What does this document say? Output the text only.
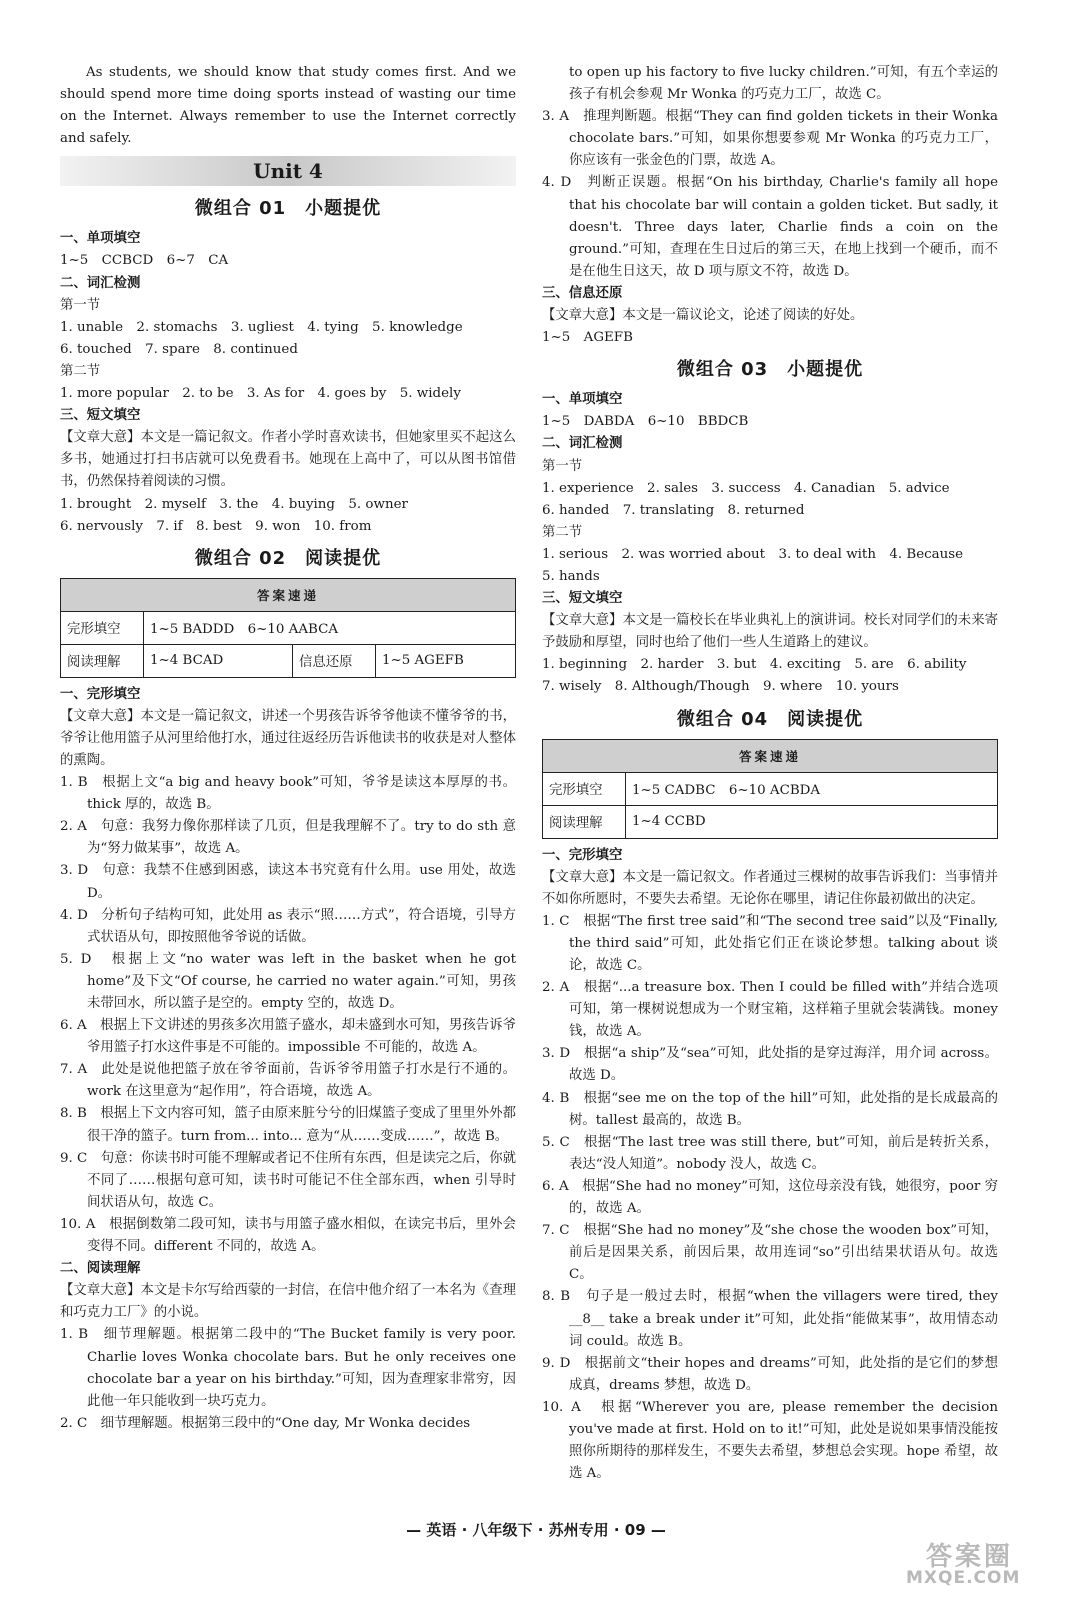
As students, we should know that study comes first. And we should spend more time doing sports instead of wasting our time on the Internet. Always remember to use the Internet correctly and safely.

Unit 4
微组合 01　小题提优

一、单项填空

1~5　CCBCD　6~7　CA

二、词汇检测

第一节

1. unable　2. stomachs　3. ugliest　4. tying　5. knowledge

6. touched　7. spare　8. continued

第二节

1. more popular　2. to be　3. As for　4. goes by　5. widely

三、短文填空

【文章大意】本文是一篇记叙文。作者小学时喜欢读书，但她家里买不起这么多书，她通过打扫书店就可以免费看书。她现在上高中了，可以从图书馆借书，仍然保持着阅读的习惯。

1. brought　2. myself　3. the　4. buying　5. owner

6. nervously　7. if　8. best　9. won　10. from

微组合 02　阅读提优
答案速递			
完形填空	1~5 BADDD　6~10 AABCA		
阅读理解	1~4 BCAD	信息还原	1~5 AGEFB

一、完形填空

【文章大意】本文是一篇记叙文，讲述一个男孩告诉爷爷他读不懂爷爷的书，爷爷让他用篮子从河里给他打水，通过往返经历告诉他读书的收获是对人整体的熏陶。

1. B　根据上文“a big and heavy book”可知，爷爷是读这本厚厚的书。thick 厚的，故选 B。

2. A　句意：我努力像你那样读了几页，但是我理解不了。try to do sth 意为“努力做某事”，故选 A。

3. D　句意：我禁不住感到困惑，读这本书究竟有什么用。use 用处，故选 D。

4. D　分析句子结构可知，此处用 as 表示“照……方式”，符合语境，引导方式状语从句，即按照他爷爷说的话做。

5. D　根据上文“no water was left in the basket when he got home”及下文“Of course, he carried no water again.”可知，男孩未带回水，所以篮子是空的。empty 空的，故选 D。

6. A　根据上下文讲述的男孩多次用篮子盛水，却未盛到水可知，男孩告诉爷爷用篮子打水这件事是不可能的。impossible 不可能的，故选 A。

7. A　此处是说他把篮子放在爷爷面前，告诉爷爷用篮子打水是行不通的。work 在这里意为“起作用”，符合语境，故选 A。

8. B　根据上下文内容可知，篮子由原来脏兮兮的旧煤篮子变成了里里外外都很干净的篮子。turn from... into... 意为“从……变成……”，故选 B。

9. C　句意：你读书时可能不理解或者记不住所有东西，但是读完之后，你就不同了……根据句意可知，读书时可能记不住全部东西，when 引导时间状语从句，故选 C。

10. A　根据倒数第二段可知，读书与用篮子盛水相似，在读完书后，里外会变得不同。different 不同的，故选 A。

二、阅读理解

【文章大意】本文是卡尔写给西蒙的一封信，在信中他介绍了一本名为《查理和巧克力工厂》的小说。

1. B　细节理解题。根据第二段中的“The Bucket family is very poor. Charlie loves Wonka chocolate bars. But he only receives one chocolate bar a year on his birthday.”可知，因为查理家非常穷，因此他一年只能收到一块巧克力。

2. C　细节理解题。根据第三段中的“One day, Mr Wonka decides

to open up his factory to five lucky children.”可知，有五个幸运的孩子有机会参观 Mr Wonka 的巧克力工厂，故选 C。

3. A　推理判断题。根据“They can find golden tickets in their Wonka chocolate bars.”可知，如果你想要参观 Mr Wonka 的巧克力工厂，你应该有一张金色的门票，故选 A。

4. D　判断正误题。根据“On his birthday, Charlie's family all hope that his chocolate bar will contain a golden ticket. But sadly, it doesn't. Three days later, Charlie finds a coin on the ground.”可知，查理在生日过后的第三天，在地上找到一个硬币，而不是在他生日这天，故 D 项与原文不符，故选 D。

三、信息还原

【文章大意】本文是一篇议论文，论述了阅读的好处。

1~5　AGEFB

微组合 03　小题提优

一、单项填空

1~5　DABDA　6~10　BBDCB

二、词汇检测

第一节

1. experience　2. sales　3. success　4. Canadian　5. advice

6. handed　7. translating　8. returned

第二节

1. serious　2. was worried about　3. to deal with　4. Because

5. hands

三、短文填空

【文章大意】本文是一篇校长在毕业典礼上的演讲词。校长对同学们的未来寄予鼓励和厚望，同时也给了他们一些人生道路上的建议。

1. beginning　2. harder　3. but　4. exciting　5. are　6. ability

7. wisely　8. Although/Though　9. where　10. yours

微组合 04　阅读提优
答案速递	
完形填空	1~5 CADBC　6~10 ACBDA
阅读理解	1~4 CCBD

一、完形填空

【文章大意】本文是一篇记叙文。作者通过三棵树的故事告诉我们：当事情并不如你所愿时，不要失去希望。无论你在哪里，请记住你最初做出的决定。

1. C　根据“The first tree said”和“The second tree said”以及“Finally, the third said”可知，此处指它们正在谈论梦想。talking about 谈论，故选 C。

2. A　根据“...a treasure box. Then I could be filled with”并结合选项可知，第一棵树说想成为一个财宝箱，这样箱子里就会装满钱。money 钱，故选 A。

3. D　根据“a ship”及“sea”可知，此处指的是穿过海洋，用介词 across。故选 D。

4. B　根据“see me on the top of the hill”可知，此处指的是长成最高的树。tallest 最高的，故选 B。

5. C　根据“The last tree was still there, but”可知，前后是转折关系，表达“没人知道”。nobody 没人，故选 C。

6. A　根据“She had no money”可知，这位母亲没有钱，她很穷，poor 穷的，故选 A。

7. C　根据“She had no money”及“she chose the wooden box”可知，前后是因果关系，前因后果，故用连词“so”引出结果状语从句。故选 C。

8. B　句子是一般过去时，根据“when the villagers were tired, they __8__ take a break under it”可知，此处指“能做某事”，故用情态动词 could。故选 B。

9. D　根据前文“their hopes and dreams”可知，此处指的是它们的梦想成真，dreams 梦想，故选 D。

10. A　根据“Wherever you are, please remember the decision you've made at first. Hold on to it!”可知，此处是说如果事情没能按照你所期待的那样发生，不要失去希望，梦想总会实现。hope 希望，故选 A。

— 英语 · 八年级下 · 苏州专用 · 09 —
答案圈
MXQE.COM
